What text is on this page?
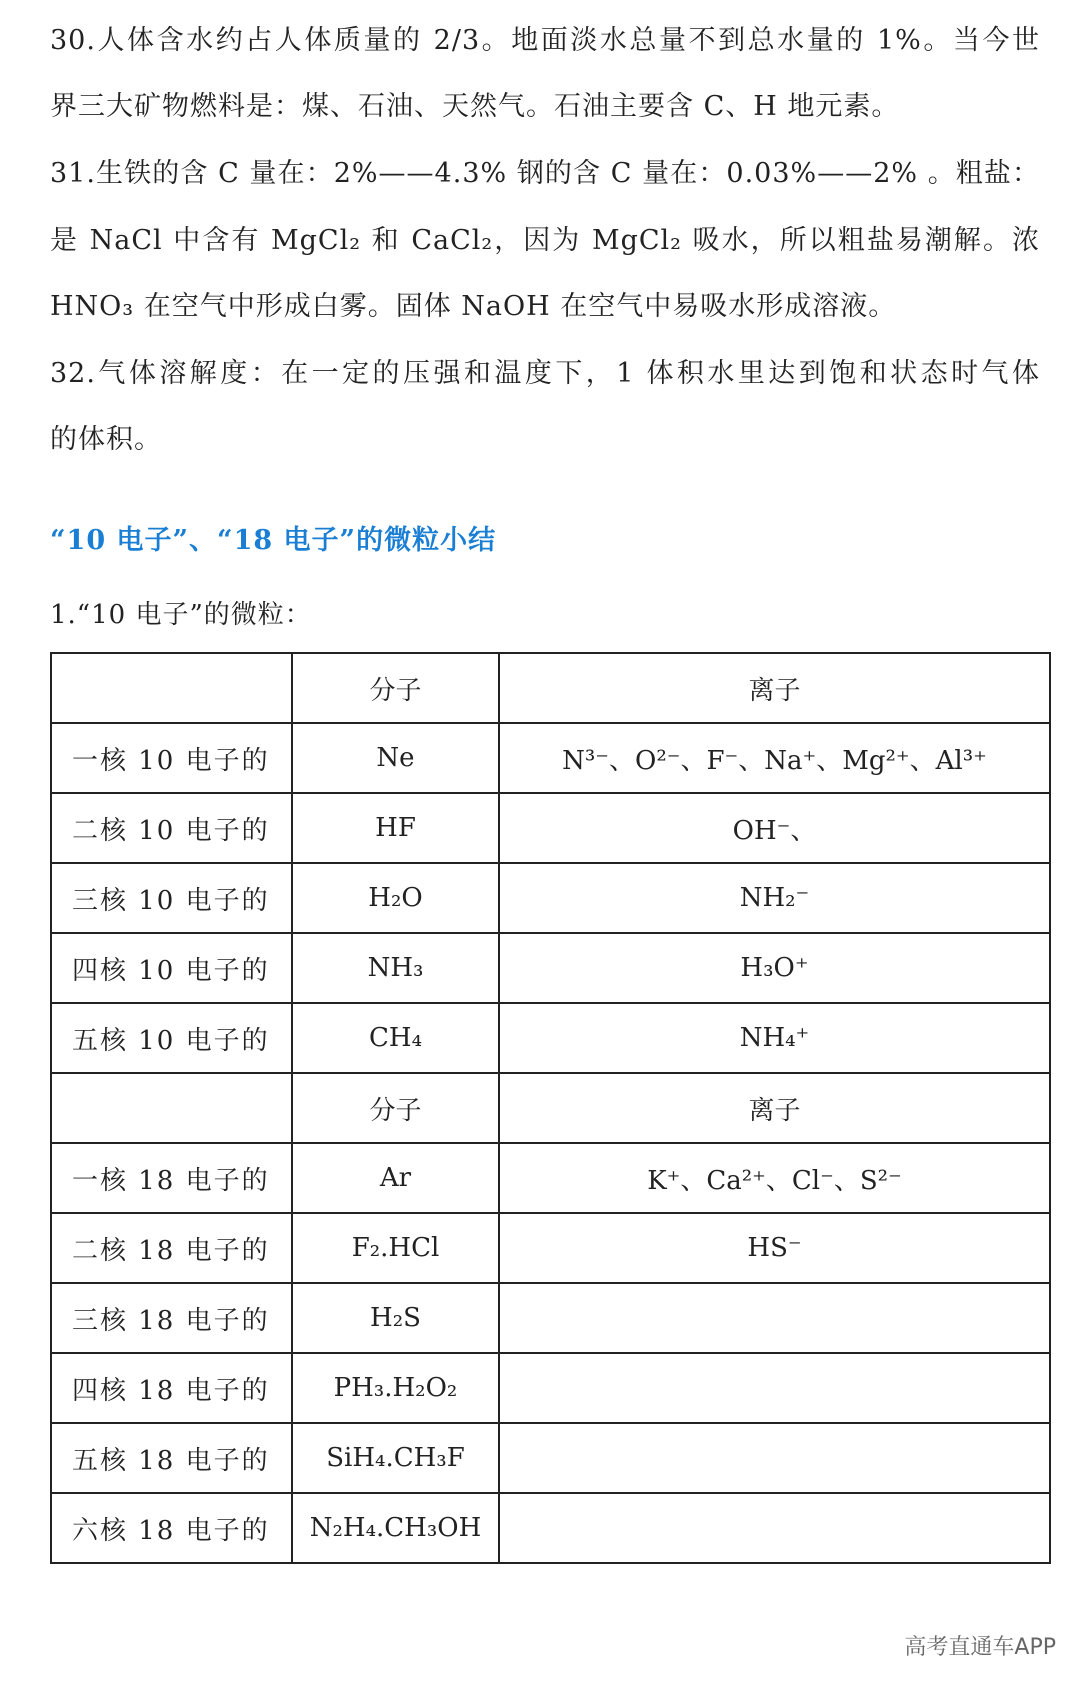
30.人体含水约占人体质量的 2/3。地面淡水总量不到总水量的 1%。当今世
界三大矿物燃料是：煤、石油、天然气。石油主要含 C、H 地元素。
31.生铁的含 C 量在：2%——4.3% 钢的含 C 量在：0.03%——2% 。粗盐：
是 NaCl 中含有 MgCl₂ 和 CaCl₂，因为 MgCl₂ 吸水，所以粗盐易潮解。浓
HNO₃ 在空气中形成白雾。固体 NaOH 在空气中易吸水形成溶液。
32.气体溶解度：在一定的压强和温度下，1 体积水里达到饱和状态时气体
的体积。
“10 电子”、“18 电子”的微粒小结
1.“10 电子”的微粒：
	分子	离子
一核 10 电子的	Ne	N³⁻、O²⁻、F⁻、Na⁺、Mg²⁺、Al³⁺
二核 10 电子的	HF	OH⁻、
三核 10 电子的	H₂O	NH₂⁻
四核 10 电子的	NH₃	H₃O⁺
五核 10 电子的	CH₄	NH₄⁺
	分子	离子
一核 18 电子的	Ar	K⁺、Ca²⁺、Cl⁻、S²⁻
二核 18 电子的	F₂.HCl	HS⁻
三核 18 电子的	H₂S	
四核 18 电子的	PH₃.H₂O₂	
五核 18 电子的	SiH₄.CH₃F	
六核 18 电子的	N₂H₄.CH₃OH	
高考直通车APP
